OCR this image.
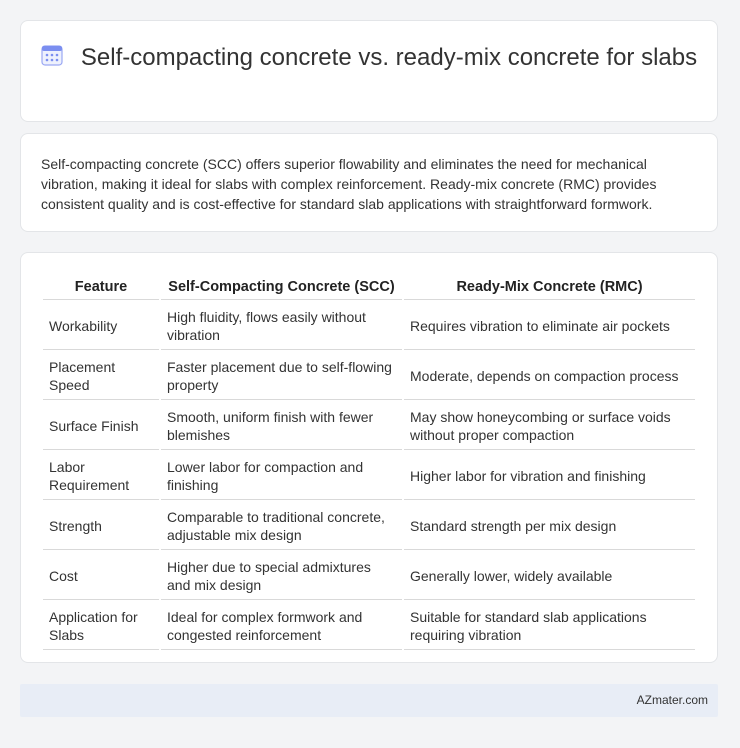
Self-compacting concrete vs. ready-mix concrete for slabs
Self-compacting concrete (SCC) offers superior flowability and eliminates the need for mechanical vibration, making it ideal for slabs with complex reinforcement. Ready-mix concrete (RMC) provides consistent quality and is cost-effective for standard slab applications with straightforward formwork.
Feature	Self-Compacting Concrete (SCC)	Ready-Mix Concrete (RMC)
Workability	High fluidity, flows easily without vibration	Requires vibration to eliminate air pockets
Placement Speed	Faster placement due to self-flowing property	Moderate, depends on compaction process
Surface Finish	Smooth, uniform finish with fewer blemishes	May show honeycombing or surface voids without proper compaction
Labor Requirement	Lower labor for compaction and finishing	Higher labor for vibration and finishing
Strength	Comparable to traditional concrete, adjustable mix design	Standard strength per mix design
Cost	Higher due to special admixtures and mix design	Generally lower, widely available
Application for Slabs	Ideal for complex formwork and congested reinforcement	Suitable for standard slab applications requiring vibration
AZmater.com
